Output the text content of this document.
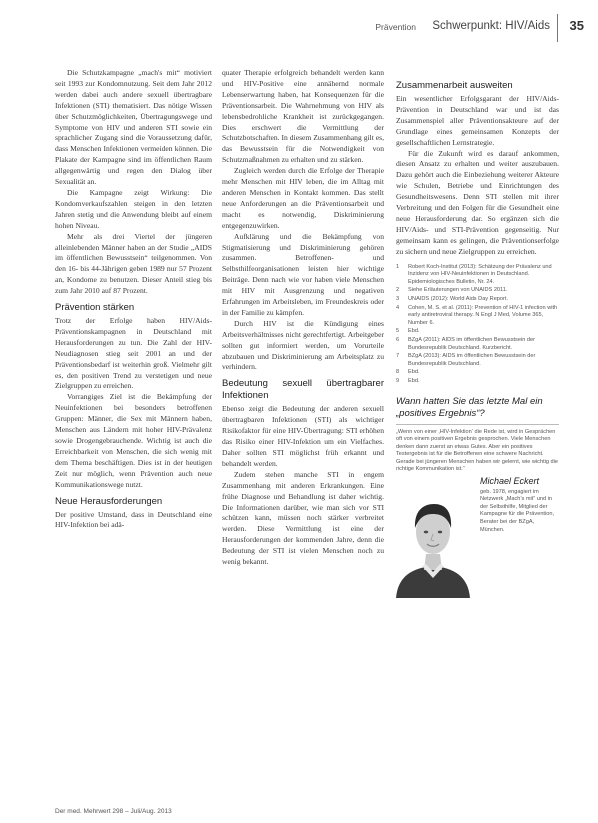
Prävention Schwerpunkt: HIV/Aids 35

Die Schutzkampagne „mach's mit“ motiviert seit 1993 zur Kondomnutzung. Seit dem Jahr 2012 werden dabei auch andere sexuell übertragbare Infektionen (STI) thematisiert. Das nötige Wissen über Schutzmöglichkeiten, Übertragungswege und Symptome von HIV und anderen STI sowie ein sprachlicher Zugang sind die Voraussetzung dafür, dass Menschen Infektionen vermeiden können. Die Plakate der Kampagne sind im öffentlichen Raum allgegenwärtig und regen den Dialog über Sexualität an.

Die Kampagne zeigt Wirkung: Die Kondomverkaufszahlen steigen in den letzten Jahren stetig und die Anwendung bleibt auf einem hohen Niveau.

Mehr als drei Viertel der jüngeren alleinlebenden Männer haben an der Studie „AIDS im öffentlichen Bewusstsein“ teilgenommen. Von den 16- bis 44-Jährigen geben 1989 nur 57 Prozent an, Kondome zu benutzen. Dieser Anteil stieg bis zum Jahr 2010 auf 87 Prozent.

Prävention stärken

Trotz der Erfolge haben HIV/Aids-Präventionskampagnen in Deutschland mit Herausforderungen zu tun. Die Zahl der HIV-Neudiagnosen stieg seit 2001 an und der Präventionsbedarf ist weiterhin groß. Vielmehr gilt es, den positiven Trend zu verstetigen und neue Zielgruppen zu erreichen.

Vorrangiges Ziel ist die Bekämpfung der Neuinfektionen bei besonders betroffenen Gruppen: Männer, die Sex mit Männern haben, Menschen aus Ländern mit hoher HIV-Prävalenz sowie Drogengebrauchende. Wichtig ist auch die Erreichbarkeit von Menschen, die sich wenig mit dem Thema beschäftigen. Dies ist in der heutigen Zeit nur möglich, wenn Prävention auch neue Kommunikationswege nutzt.

Neue Herausforderungen

Der positive Umstand, dass in Deutschland eine HIV-Infektion bei adä-

quater Therapie erfolgreich behandelt werden kann und HIV-Positive eine annähernd normale Lebenserwartung haben, hat Konsequenzen für die Präventionsarbeit. Die Wahrnehmung von HIV als lebensbedrohliche Krankheit ist zurückgegangen. Dies erschwert die Vermittlung der Schutzbotschaften. In diesem Zusammenhang gilt es, das Bewusstsein für die Notwendigkeit von Schutzmaßnahmen zu erhalten und zu stärken.

Zugleich werden durch die Erfolge der Therapie mehr Menschen mit HIV leben, die im Alltag mit anderen Menschen in Kontakt kommen. Das stellt neue Anforderungen an die Präventionsarbeit und macht es notwendig, Diskriminierung entgegenzuwirken.

Aufklärung und die Bekämpfung von Stigmatisierung und Diskriminierung gehören zusammen. Betroffenen- und Selbsthilfeorganisationen leisten hier wichtige Beiträge. Denn nach wie vor haben viele Menschen mit HIV mit Ausgrenzung und negativen Erfahrungen im Arbeitsleben, im Freundeskreis oder in der Familie zu kämpfen.

Durch HIV ist die Kündigung eines Arbeitsverhältnisses nicht gerechtfertigt. Arbeitgeber sollten gut informiert werden, um Vorurteile abzubauen und Diskriminierung am Arbeitsplatz zu verhindern.

Bedeutung sexuell übertragbarer Infektionen

Ebenso zeigt die Bedeutung der anderen sexuell übertragbaren Infektionen (STI) als wichtiger Risikofaktor für eine HIV-Übertragung: STI erhöhen das Risiko einer HIV-Infektion um ein Vielfaches. Daher sollten STI möglichst früh erkannt und behandelt werden.

Zudem stehen manche STI in engem Zusammenhang mit anderen Erkrankungen. Eine frühe Diagnose und Behandlung ist daher wichtig. Die Informationen darüber, wie man sich vor STI schützen kann, müssen noch stärker verbreitet werden. Diese Vermittlung ist eine der Herausforderungen der kommenden Jahre, denn die Bedeutung der STI ist vielen Menschen noch zu wenig bekannt.

Zusammenarbeit ausweiten

Ein wesentlicher Erfolgsgarant der HIV/Aids-Prävention in Deutschland war und ist das Zusammenspiel aller Präventionsakteure auf der Grundlage eines gemeinsamen Konzepts der gesellschaftlichen Lernstrategie.

Für die Zukunft wird es darauf ankommen, diesen Ansatz zu erhalten und weiter auszubauen. Dazu gehört auch die Einbeziehung weiterer Akteure wie Schulen, Betriebe und Einrichtungen des Gesundheitswesens. Denn STI stellen mit ihrer Verbreitung und den Folgen für die Gesundheit eine neue Herausforderung dar. So ergänzen sich die HIV/Aids- und STI-Prävention gegenseitig. Nur gemeinsam kann es gelingen, die Präventionserfolge zu sichern und neue Zielgruppen zu erreichen.

1	Robert Koch-Institut (2013): Schätzung der Prävalenz und Inzidenz von HIV-Neuinfektionen in Deutschland. Epidemiologisches Bulletin, Nr. 24.
2	Siehe Erläuterungen von UNAIDS 2011.
3	UNAIDS (2012): World Aids Day Report.
4	Cohen, M. S. et al. (2011): Prevention of HIV-1 infection with early antiretroviral therapy. N Engl J Med, Volume 365, Number 6.
5	Ebd.
6	BZgA (2011): AIDS im öffentlichen Bewusstsein der Bundesrepublik Deutschland. Kurzbericht.
7	BZgA (2013): AIDS im öffentlichen Bewusstsein der Bundesrepublik Deutschland.
8	Ebd.
9	Ebd.
Wann hatten Sie das letzte Mal ein „positives Ergebnis“?
„Wenn von einer ‚HIV-Infektion‘ die Rede ist, wird in Gesprächen oft von einem positiven Ergebnis gesprochen. Viele Menschen denken dann zuerst an etwas Gutes. Aber ein positives Testergebnis ist für die Betroffenen eine schwere Nachricht. Gerade bei jüngeren Menschen haben wir gelernt, wie wichtig die richtige Kommunikation ist.“
Michael Eckert
geb. 1978, engagiert im Netzwerk „Mach’s mit“ und in der Selbsthilfe, Mitglied der Kampagne für die Prävention, Berater bei der BZgA, München.
Der med. Mehrwert 298 – Juli/Aug. 2013
